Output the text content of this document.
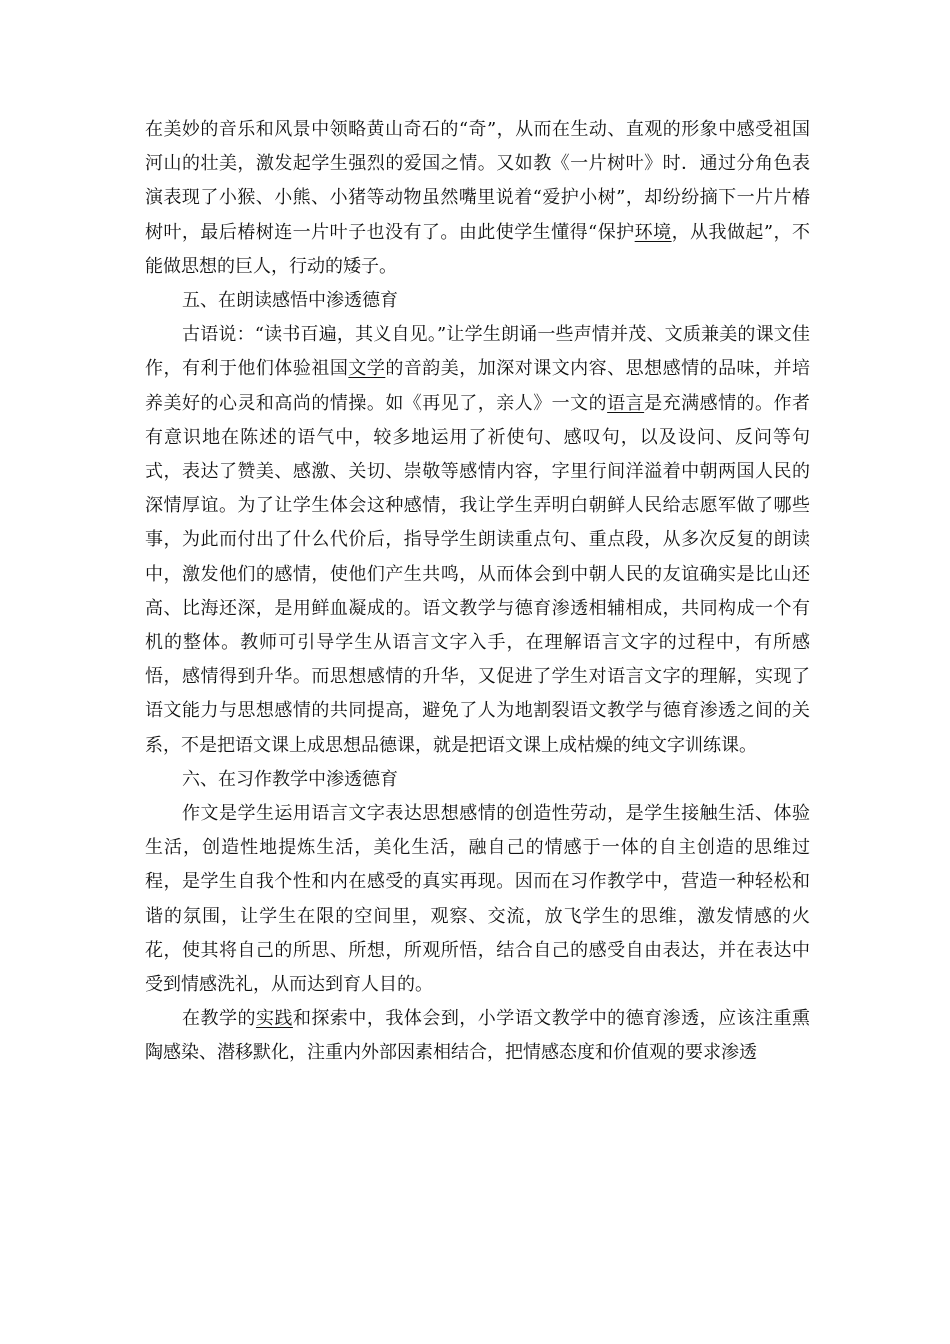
在美妙的音乐和风景中领略黄山奇石的“奇”，从而在生动、直观的形象中感受祖国河山的壮美，激发起学生强烈的爱国之情。又如教《一片树叶》时．通过分角色表演表现了小猴、小熊、小猪等动物虽然嘴里说着“爱护小树”，却纷纷摘下一片片椿树叶，最后椿树连一片叶子也没有了。由此使学生懂得“保护环境，从我做起”，不能做思想的巨人，行动的矮子。

五、在朗读感悟中渗透德育

古语说：“读书百遍，其义自见。”让学生朗诵一些声情并茂、文质兼美的课文佳作，有利于他们体验祖国文学的音韵美，加深对课文内容、思想感情的品味，并培养美好的心灵和高尚的情操。如《再见了，亲人》一文的语言是充满感情的。作者有意识地在陈述的语气中，较多地运用了祈使句、感叹句，以及设问、反问等句式，表达了赞美、感激、关切、崇敬等感情内容，字里行间洋溢着中朝两国人民的深情厚谊。为了让学生体会这种感情，我让学生弄明白朝鲜人民给志愿军做了哪些事，为此而付出了什么代价后，指导学生朗读重点句、重点段，从多次反复的朗读中，激发他们的感情，使他们产生共鸣，从而体会到中朝人民的友谊确实是比山还高、比海还深，是用鲜血凝成的。语文教学与德育渗透相辅相成，共同构成一个有机的整体。教师可引导学生从语言文字入手，在理解语言文字的过程中，有所感悟，感情得到升华。而思想感情的升华，又促进了学生对语言文字的理解，实现了语文能力与思想感情的共同提高，避免了人为地割裂语文教学与德育渗透之间的关系，不是把语文课上成思想品德课，就是把语文课上成枯燥的纯文字训练课。

六、在习作教学中渗透德育

作文是学生运用语言文字表达思想感情的创造性劳动，是学生接触生活、体验生活，创造性地提炼生活，美化生活，融自己的情感于一体的自主创造的思维过程，是学生自我个性和内在感受的真实再现。因而在习作教学中，营造一种轻松和谐的氛围，让学生在限的空间里，观察、交流，放飞学生的思维，激发情感的火花，使其将自己的所思、所想，所观所悟，结合自己的感受自由表达，并在表达中受到情感洗礼，从而达到育人目的。

在教学的实践和探索中，我体会到，小学语文教学中的德育渗透，应该注重熏陶感染、潜移默化，注重内外部因素相结合，把情感态度和价值观的要求渗透
